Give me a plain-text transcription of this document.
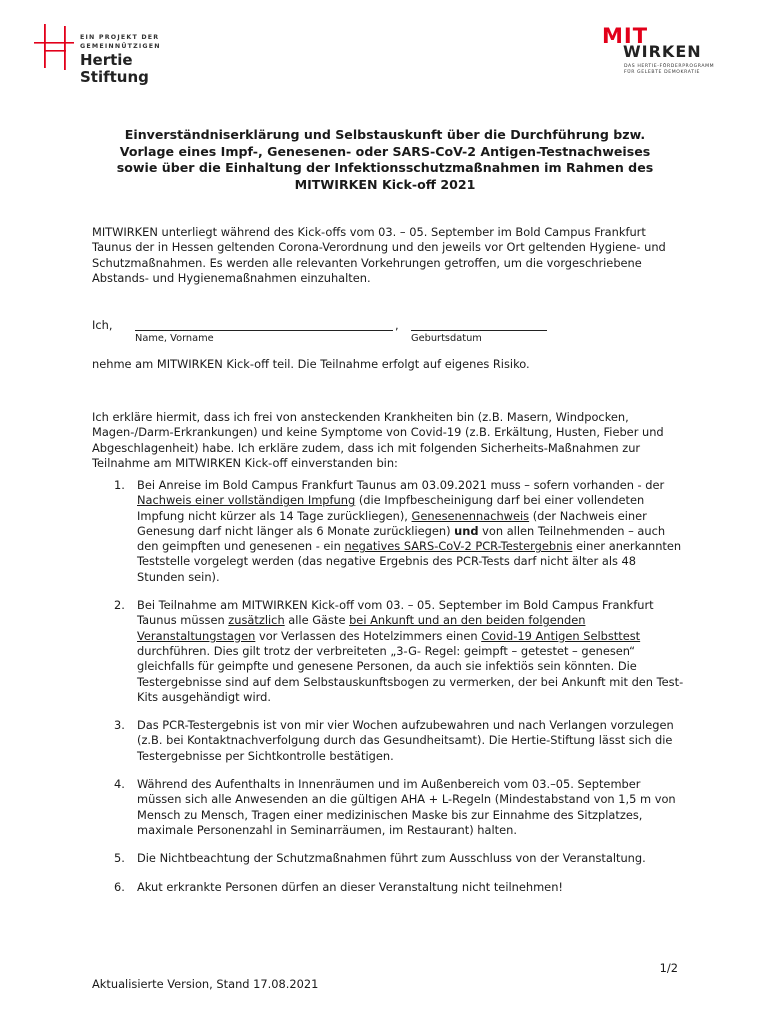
EIN PROJEKT DER
GEMEINNÜTZIGEN
Hertie
Stiftung
MIT
WIRKEN
DAS HERTIE-FÖRDERPROGRAMM
FÜR GELEBTE DEMOKRATIE
Einverständniserklärung und Selbstauskunft über die Durchführung bzw.
Vorlage eines Impf-, Genesenen- oder SARS-CoV-2 Antigen-Testnachweises
sowie über die Einhaltung der Infektionsschutzmaßnahmen im Rahmen des
MITWIRKEN Kick-off 2021
MITWIRKEN unterliegt während des Kick-offs vom 03. – 05. September im Bold Campus Frankfurt Taunus der in Hessen geltenden Corona-Verordnung und den jeweils vor Ort geltenden Hygiene- und Schutzmaßnahmen. Es werden alle relevanten Vorkehrungen getroffen, um die vorgeschriebene Abstands- und Hygienemaßnahmen einzuhalten.
Ich,	,
Name, Vorname	Geburtsdatum
nehme am MITWIRKEN Kick-off teil. Die Teilnahme erfolgt auf eigenes Risiko.
Ich erkläre hiermit, dass ich frei von ansteckenden Krankheiten bin (z.B. Masern, Windpocken, Magen-/Darm-Erkrankungen) und keine Symptome von Covid-19 (z.B. Erkältung, Husten, Fieber und Abgeschlagenheit) habe. Ich erkläre zudem, dass ich mit folgenden Sicherheits-Maßnahmen zur Teilnahme am MITWIRKEN Kick-off einverstanden bin:
1. Bei Anreise im Bold Campus Frankfurt Taunus am 03.09.2021 muss – sofern vorhanden - der Nachweis einer vollständigen Impfung (die Impfbescheinigung darf bei einer vollendeten Impfung nicht kürzer als 14 Tage zurückliegen), Genesenennachweis (der Nachweis einer Genesung darf nicht länger als 6 Monate zurückliegen) und von allen Teilnehmenden – auch den geimpften und genesenen - ein negatives SARS-CoV-2 PCR-Testergebnis einer anerkannten Teststelle vorgelegt werden (das negative Ergebnis des PCR-Tests darf nicht älter als 48 Stunden sein).
2. Bei Teilnahme am MITWIRKEN Kick-off vom 03. – 05. September im Bold Campus Frankfurt Taunus müssen zusätzlich alle Gäste bei Ankunft und an den beiden folgenden Veranstaltungstagen vor Verlassen des Hotelzimmers einen Covid-19 Antigen Selbsttest durchführen. Dies gilt trotz der verbreiteten „3-G- Regel: geimpft – getestet – genesen“ gleichfalls für geimpfte und genesene Personen, da auch sie infektiös sein könnten. Die Testergebnisse sind auf dem Selbstauskunftsbogen zu vermerken, der bei Ankunft mit den Test-Kits ausgehändigt wird.
3. Das PCR-Testergebnis ist von mir vier Wochen aufzubewahren und nach Verlangen vorzulegen (z.B. bei Kontaktnachverfolgung durch das Gesundheitsamt). Die Hertie-Stiftung lässt sich die Testergebnisse per Sichtkontrolle bestätigen.
4. Während des Aufenthalts in Innenräumen und im Außenbereich vom 03.–05. September müssen sich alle Anwesenden an die gültigen AHA + L-Regeln (Mindestabstand von 1,5 m von Mensch zu Mensch, Tragen einer medizinischen Maske bis zur Einnahme des Sitzplatzes, maximale Personenzahl in Seminarräumen, im Restaurant) halten.
5. Die Nichtbeachtung der Schutzmaßnahmen führt zum Ausschluss von der Veranstaltung.
6. Akut erkrankte Personen dürfen an dieser Veranstaltung nicht teilnehmen!
1/2
Aktualisierte Version, Stand 17.08.2021
